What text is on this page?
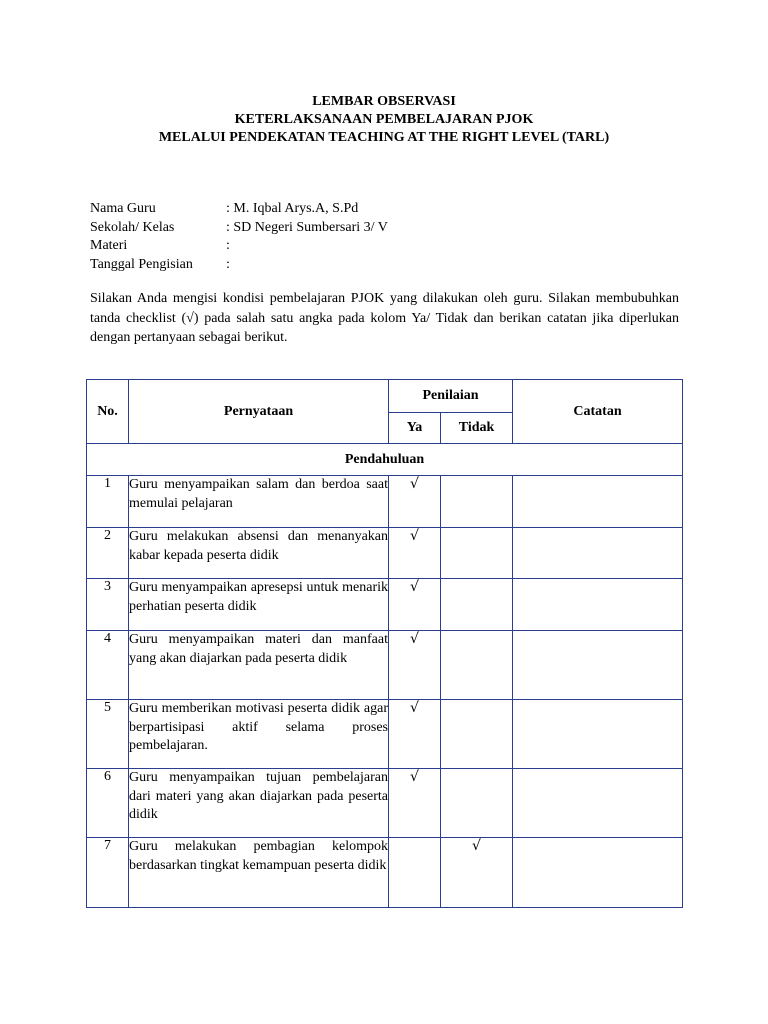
LEMBAR OBSERVASI
KETERLAKSANAAN PEMBELAJARAN PJOK
MELALUI PENDEKATAN TEACHING AT THE RIGHT LEVEL (TARL)
Nama Guru	: M. Iqbal Arys.A, S.Pd
Sekolah/ Kelas	: SD Negeri Sumbersari 3/ V
Materi	:
Tanggal Pengisian :
Silakan Anda mengisi kondisi pembelajaran PJOK yang dilakukan oleh guru. Silakan membubuhkan tanda checklist (√) pada salah satu angka pada kolom Ya/ Tidak dan berikan catatan jika diperlukan dengan pertanyaan sebagai berikut.
No.	Pernyataan	Penilaian		Catatan
		Ya	Tidak	
Pendahuluan				
1	Guru menyampaikan salam dan berdoa saat memulai pelajaran	√		
2	Guru melakukan absensi dan menanyakan kabar kepada peserta didik	√		
3	Guru menyampaikan apresepsi untuk menarik perhatian peserta didik	√		
4	Guru menyampaikan materi dan manfaat yang akan diajarkan pada peserta didik	√		
5	Guru memberikan motivasi peserta didik agar berpartisipasi aktif selama proses pembelajaran.	√		
6	Guru menyampaikan tujuan pembelajaran dari materi yang akan diajarkan pada peserta didik	√		
7	Guru melakukan pembagian kelompok berdasarkan tingkat kemampuan peserta didik		√	
